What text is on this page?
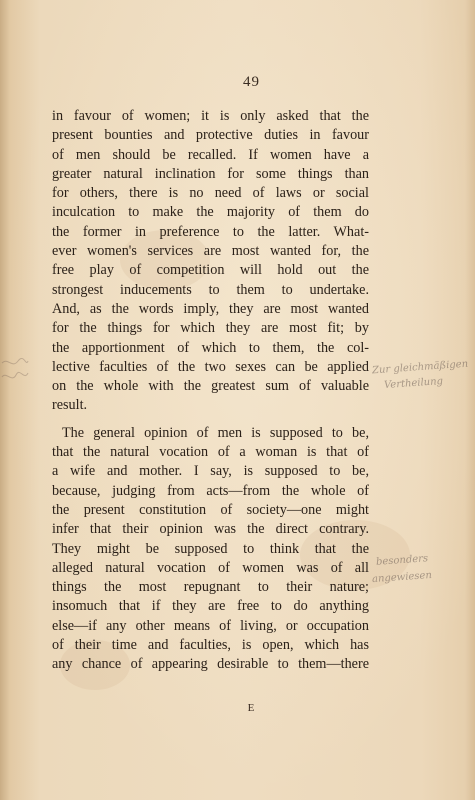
49
in favour of women; it is only asked that the
present bounties and protective duties in favour
of men should be recalled. If women have a
greater natural inclination for some things than
for others, there is no need of laws or social
inculcation to make the majority of them do
the former in preference to the latter. What-
ever women's services are most wanted for, the
free play of competition will hold out the
strongest inducements to them to undertake.
And, as the words imply, they are most wanted
for the things for which they are most fit; by
the apportionment of which to them, the col-
lective faculties of the two sexes can be applied
on the whole with the greatest sum of valuable
result.
The general opinion of men is supposed to be,
that the natural vocation of a woman is that of
a wife and mother. I say, is supposed to be,
because, judging from acts—from the whole of
the present constitution of society—one might
infer that their opinion was the direct contrary.
They might be supposed to think that the
alleged natural vocation of women was of all
things the most repugnant to their nature;
insomuch that if they are free to do anything
else—if any other means of living, or occupation
of their time and faculties, is open, which has
any chance of appearing desirable to them—there
E
Zur gleichmäßigen
Vertheilung
besonders
angewiesen
